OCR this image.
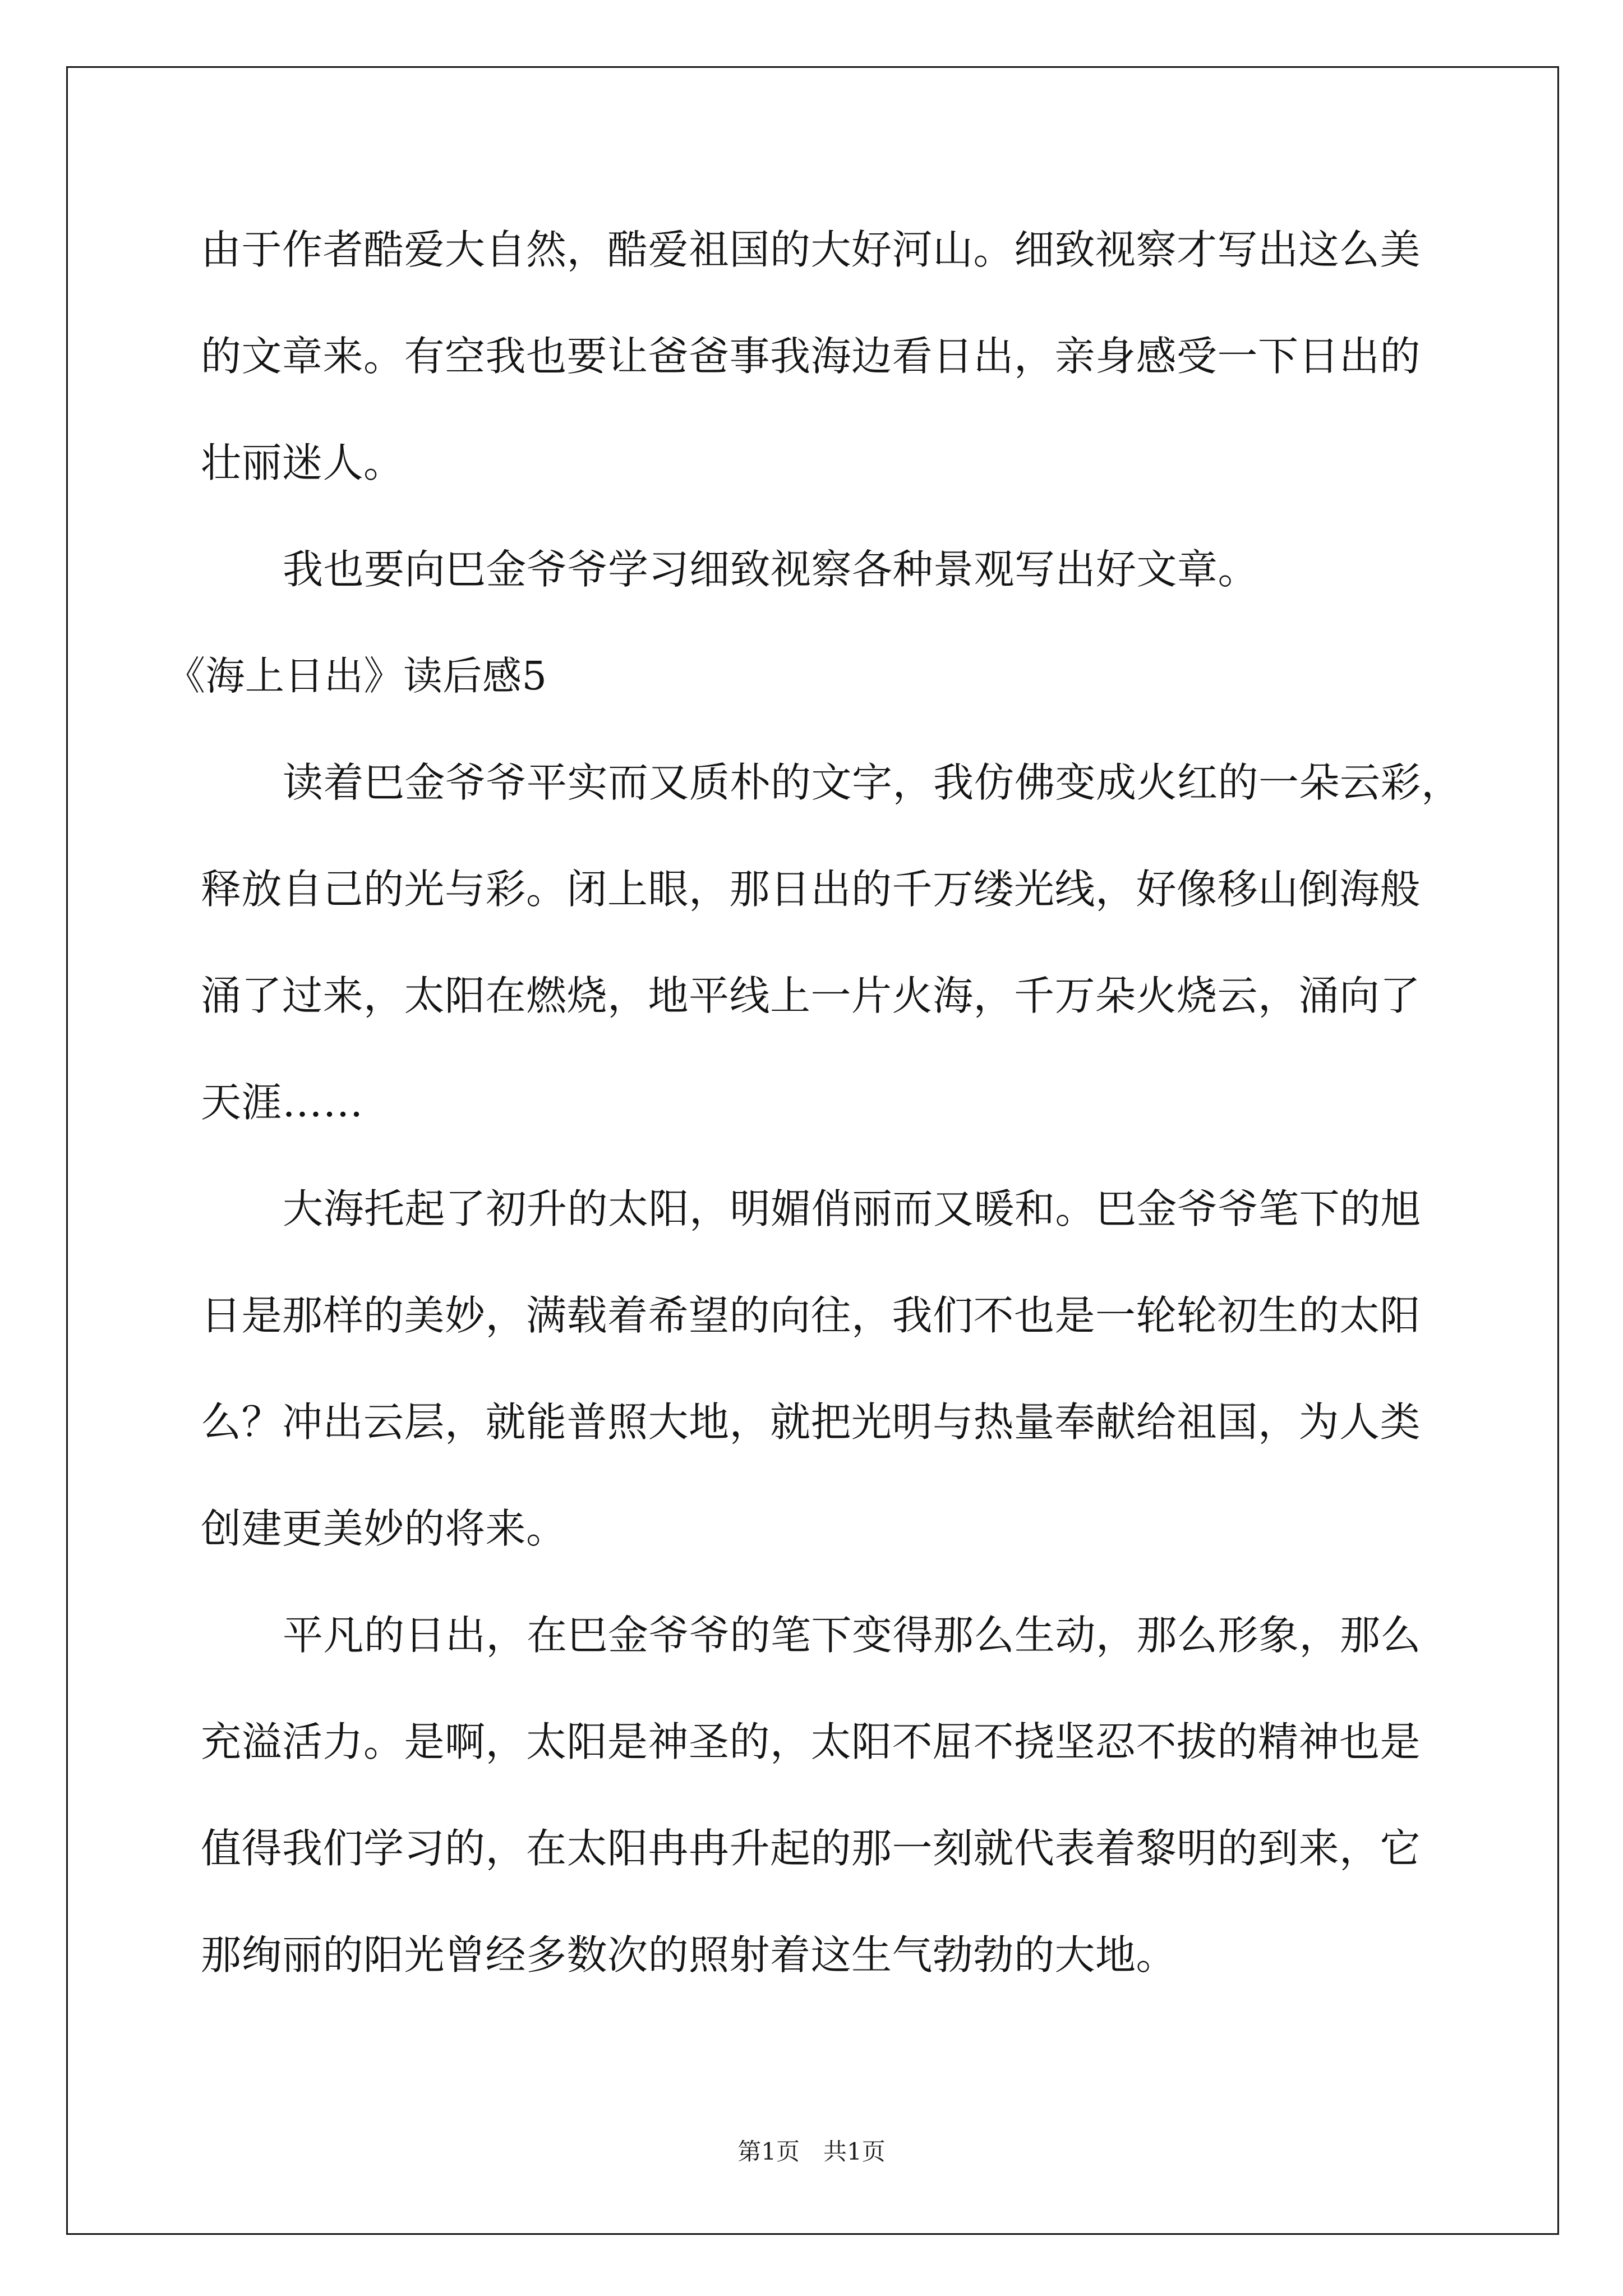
由于作者酷爱大自然，酷爱祖国的大好河山。细致视察才写出这么美
的文章来。有空我也要让爸爸事我海边看日出，亲身感受一下日出的
壮丽迷人。
我也要向巴金爷爷学习细致视察各种景观写出好文章。
《海上日出》读后感5
读着巴金爷爷平实而又质朴的文字，我仿佛变成火红的一朵云彩，
释放自己的光与彩。闭上眼，那日出的千万缕光线，好像移山倒海般
涌了过来，太阳在燃烧，地平线上一片火海，千万朵火烧云，涌向了
天涯……
大海托起了初升的太阳，明媚俏丽而又暖和。巴金爷爷笔下的旭
日是那样的美妙，满载着希望的向往，我们不也是一轮轮初生的太阳
么？冲出云层，就能普照大地，就把光明与热量奉献给祖国，为人类
创建更美妙的将来。
平凡的日出，在巴金爷爷的笔下变得那么生动，那么形象，那么
充溢活力。是啊，太阳是神圣的，太阳不屈不挠坚忍不拔的精神也是
值得我们学习的，在太阳冉冉升起的那一刻就代表着黎明的到来，它
那绚丽的阳光曾经多数次的照射着这生气勃勃的大地。
第1页　共1页
